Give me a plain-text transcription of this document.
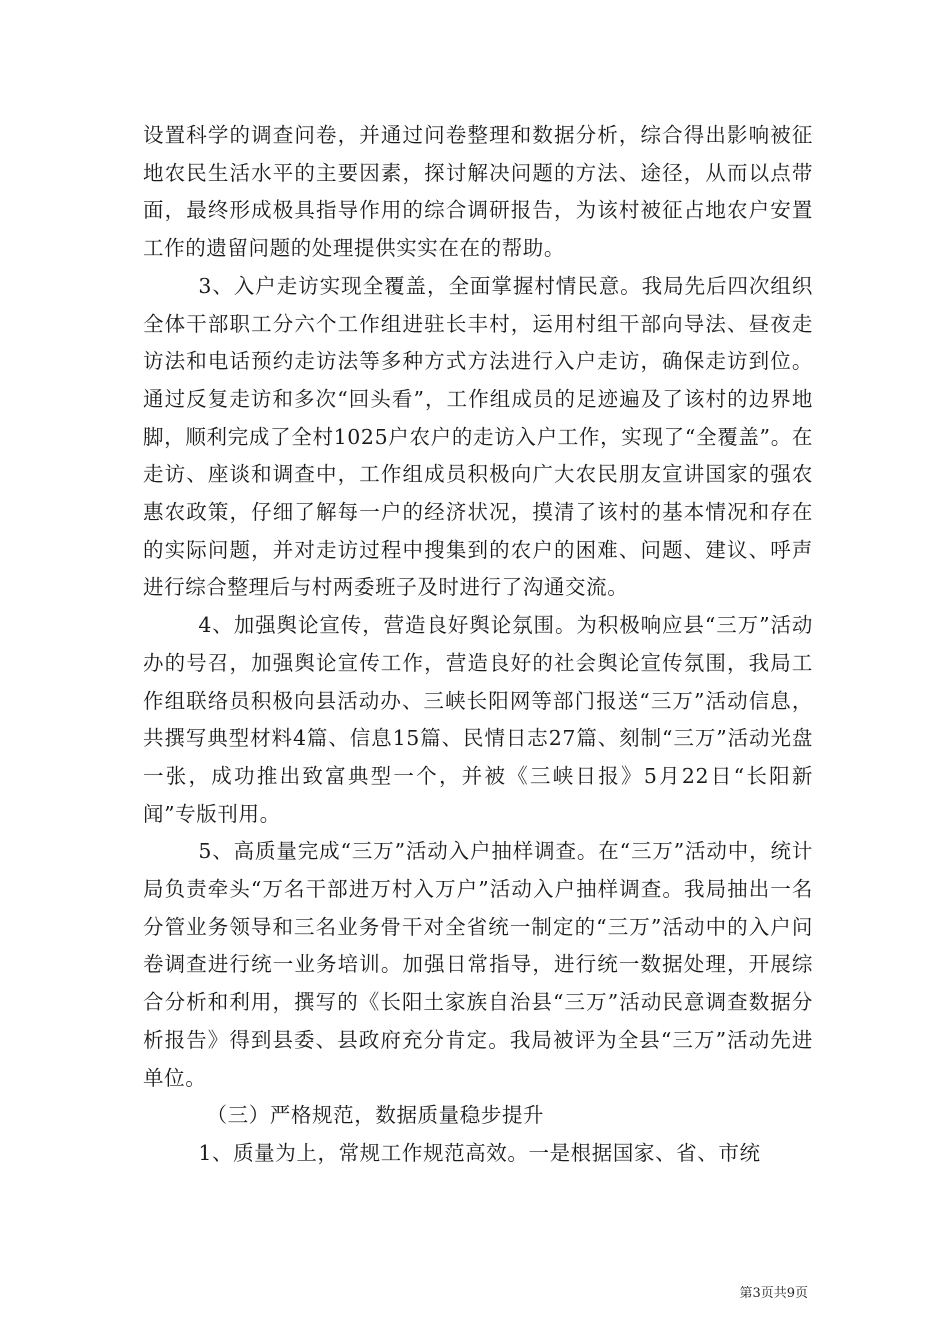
设置科学的调查问卷，并通过问卷整理和数据分析，综合得出影响被征地农民生活水平的主要因素，探讨解决问题的方法、途径，从而以点带面，最终形成极具指导作用的综合调研报告，为该村被征占地农户安置工作的遗留问题的处理提供实实在在的帮助。

3、入户走访实现全覆盖，全面掌握村情民意。我局先后四次组织全体干部职工分六个工作组进驻长丰村，运用村组干部向导法、昼夜走访法和电话预约走访法等多种方式方法进行入户走访，确保走访到位。通过反复走访和多次“回头看”，工作组成员的足迹遍及了该村的边界地脚，顺利完成了全村1025户农户的走访入户工作，实现了“全覆盖”。在走访、座谈和调查中，工作组成员积极向广大农民朋友宣讲国家的强农惠农政策，仔细了解每一户的经济状况，摸清了该村的基本情况和存在的实际问题，并对走访过程中搜集到的农户的困难、问题、建议、呼声进行综合整理后与村两委班子及时进行了沟通交流。

4、加强舆论宣传，营造良好舆论氛围。为积极响应县“三万”活动办的号召，加强舆论宣传工作，营造良好的社会舆论宣传氛围，我局工作组联络员积极向县活动办、三峡长阳网等部门报送“三万”活动信息，共撰写典型材料4篇、信息15篇、民情日志27篇、刻制“三万”活动光盘一张，成功推出致富典型一个，并被《三峡日报》5月22日“长阳新闻”专版刊用。

5、高质量完成“三万”活动入户抽样调查。在“三万”活动中，统计局负责牵头“万名干部进万村入万户”活动入户抽样调查。我局抽出一名分管业务领导和三名业务骨干对全省统一制定的“三万”活动中的入户问卷调查进行统一业务培训。加强日常指导，进行统一数据处理，开展综合分析和利用，撰写的《长阳土家族自治县“三万”活动民意调查数据分析报告》得到县委、县政府充分肯定。我局被评为全县“三万”活动先进单位。

（三）严格规范，数据质量稳步提升

1、质量为上，常规工作规范高效。一是根据国家、省、市统

第3页共9页
